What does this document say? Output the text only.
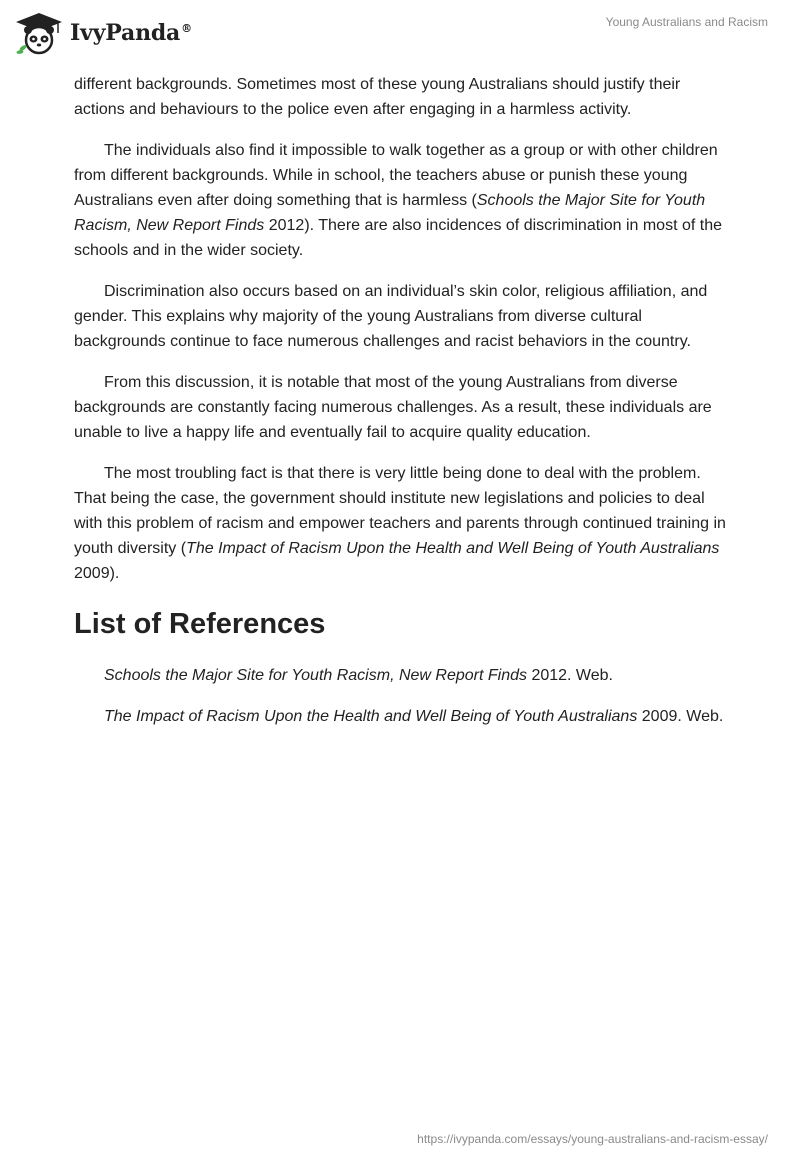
IvyPanda®	Young Australians and Racism

different backgrounds. Sometimes most of these young Australians should justify their actions and behaviours to the police even after engaging in a harmless activity.

The individuals also find it impossible to walk together as a group or with other children from different backgrounds. While in school, the teachers abuse or punish these young Australians even after doing something that is harmless (Schools the Major Site for Youth Racism, New Report Finds 2012). There are also incidences of discrimination in most of the schools and in the wider society.

Discrimination also occurs based on an individual’s skin color, religious affiliation, and gender. This explains why majority of the young Australians from diverse cultural backgrounds continue to face numerous challenges and racist behaviors in the country.

From this discussion, it is notable that most of the young Australians from diverse backgrounds are constantly facing numerous challenges. As a result, these individuals are unable to live a happy life and eventually fail to acquire quality education.

The most troubling fact is that there is very little being done to deal with the problem. That being the case, the government should institute new legislations and policies to deal with this problem of racism and empower teachers and parents through continued training in youth diversity (The Impact of Racism Upon the Health and Well Being of Youth Australians 2009).

List of References

Schools the Major Site for Youth Racism, New Report Finds 2012. Web.

The Impact of Racism Upon the Health and Well Being of Youth Australians 2009. Web.

https://ivypanda.com/essays/young-australians-and-racism-essay/
